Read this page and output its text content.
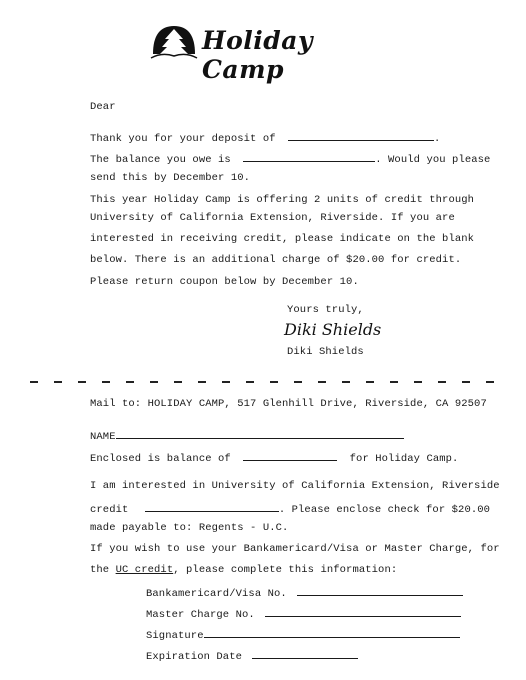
Holiday Camp
Dear
Thank you for your deposit of	.
The balance you owe is	. Would you please
send this by December 10.
This year Holiday Camp is offering 2 units of credit through
University of California Extension, Riverside. If you are
interested in receiving credit, please indicate on the blank
below. There is an additional charge of $20.00 for credit.
Please return coupon below by December 10.
Yours truly,
Diki Shields
Diki Shields
Mail to: HOLIDAY CAMP, 517 Glenhill Drive, Riverside, CA 92507
NAME
Enclosed is balance of	for Holiday Camp.
I am interested in University of California Extension, Riverside
credit	. Please enclose check for $20.00
made payable to: Regents - U.C.
If you wish to use your Bankamericard/Visa or Master Charge, for
the UC credit, please complete this information:
Bankamericard/Visa No.
Master Charge No.
Signature
Expiration Date
